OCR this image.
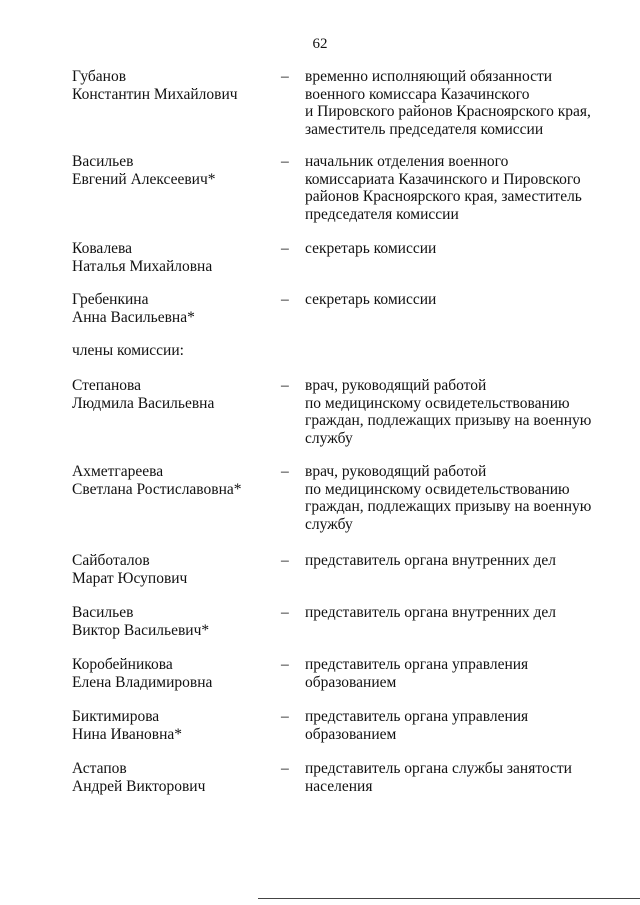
62
Губанов
Константин Михайлович
– временно исполняющий обязанности
военного комиссара Казачинского
и Пировского районов Красноярского края,
заместитель председателя комиссии
Васильев
Евгений Алексеевич*
– начальник отделения военного
комиссариата Казачинского и Пировского
районов Красноярского края, заместитель
председателя комиссии
Ковалева
Наталья Михайловна
– секретарь комиссии
Гребенкина
Анна Васильевна*
– секретарь комиссии
члены комиссии:
Степанова
Людмила Васильевна
– врач, руководящий работой
по медицинскому освидетельствованию
граждан, подлежащих призыву на военную
службу
Ахметгареева
Светлана Ростиславовна*
– врач, руководящий работой
по медицинскому освидетельствованию
граждан, подлежащих призыву на военную
службу
Сайботалов
Марат Юсупович
– представитель органа внутренних дел
Васильев
Виктор Васильевич*
– представитель органа внутренних дел
Коробейникова
Елена Владимировна
– представитель органа управления
образованием
Биктимирова
Нина Ивановна*
– представитель органа управления
образованием
Астапов
Андрей Викторович
– представитель органа службы занятости
населения
